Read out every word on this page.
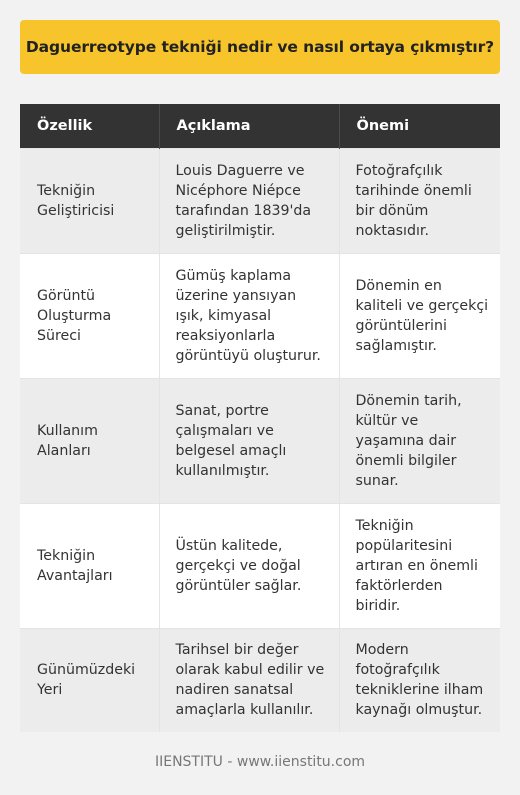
Daguerreotype tekniği nedir ve nasıl ortaya çıkmıştır?
Özellik	Açıklama	Önemi
Tekniğin Geliştiricisi	Louis Daguerre ve Nicéphore Niépce tarafından 1839'da geliştirilmiştir.	Fotoğrafçılık tarihinde önemli bir dönüm noktasıdır.
Görüntü Oluşturma Süreci	Gümüş kaplama üzerine yansıyan ışık, kimyasal reaksiyonlarla görüntüyü oluşturur.	Dönemin en kaliteli ve gerçekçi görüntülerini sağlamıştır.
Kullanım Alanları	Sanat, portre çalışmaları ve belgesel amaçlı kullanılmıştır.	Dönemin tarih, kültür ve yaşamına dair önemli bilgiler sunar.
Tekniğin Avantajları	Üstün kalitede, gerçekçi ve doğal görüntüler sağlar.	Tekniğin popülaritesini artıran en önemli faktörlerden biridir.
Günümüzdeki Yeri	Tarihsel bir değer olarak kabul edilir ve nadiren sanatsal amaçlarla kullanılır.	Modern fotoğrafçılık tekniklerine ilham kaynağı olmuştur.
IIENSTITU - www.iienstitu.com
